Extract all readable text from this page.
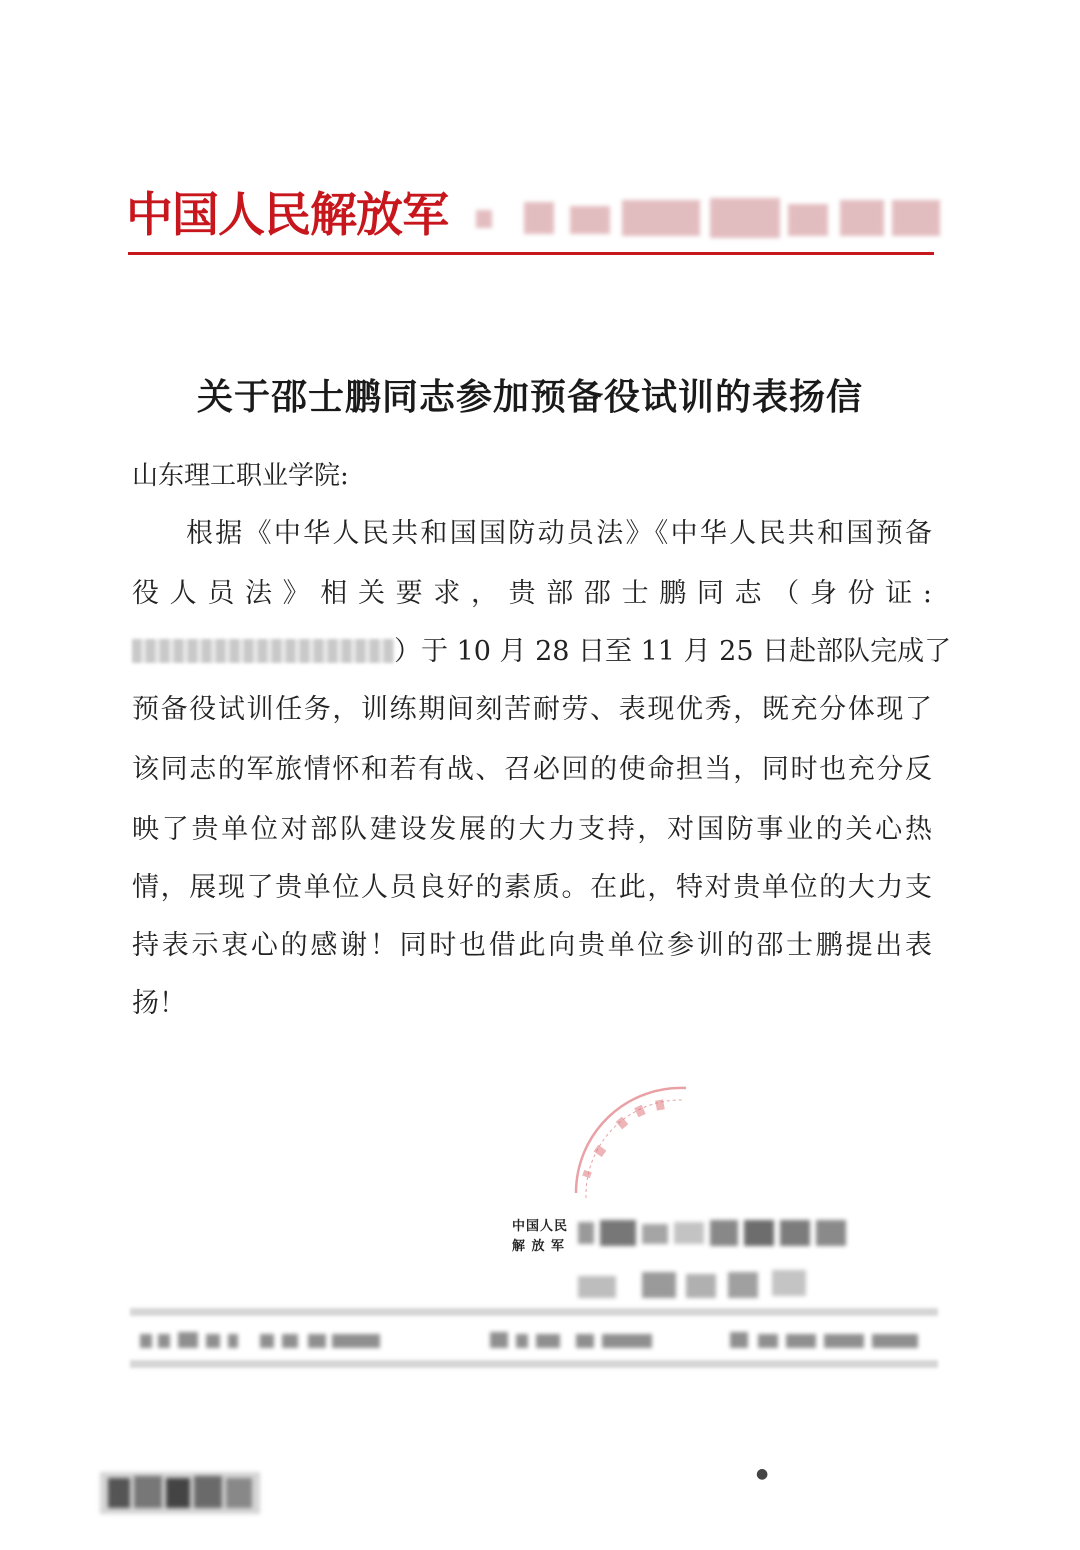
中国人民解放军
关于邵士鹏同志参加预备役试训的表扬信
山东理工职业学院:
根据《中华人民共和国国防动员法》《中华人民共和国预备
役人员法》相关要求，贵部邵士鹏同志（身份证:
）于 10 月 28 日至 11 月 25 日赴部队完成了
预备役试训任务，训练期间刻苦耐劳、表现优秀，既充分体现了
该同志的军旅情怀和若有战、召必回的使命担当，同时也充分反
映了贵单位对部队建设发展的大力支持，对国防事业的关心热
情，展现了贵单位人员良好的素质。在此，特对贵单位的大力支
持表示衷心的感谢！同时也借此向贵单位参训的邵士鹏提出表
扬！
中国人民
解 放 军
●
